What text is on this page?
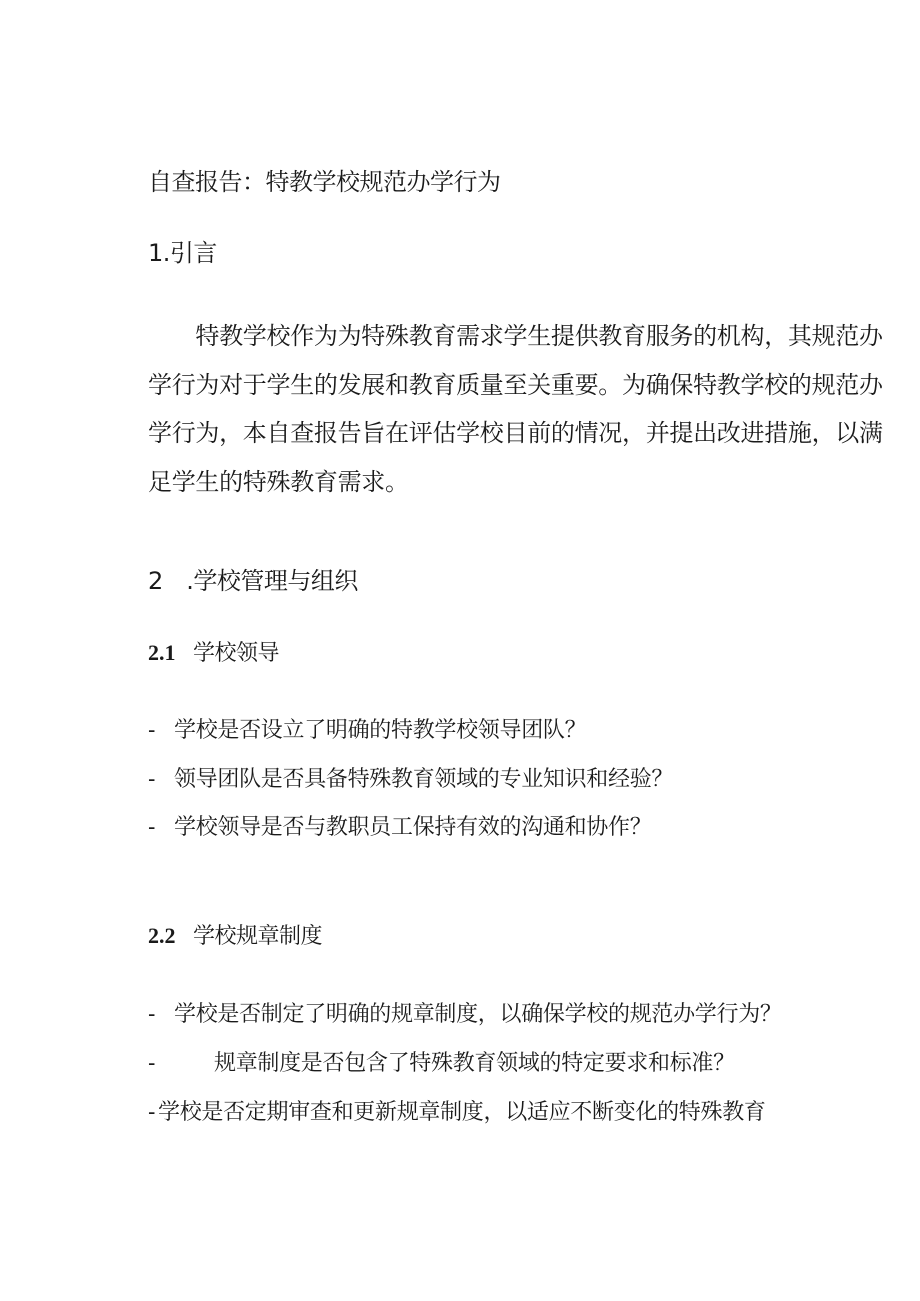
自查报告：特教学校规范办学行为
1.引言
　　特教学校作为为特殊教育需求学生提供教育服务的机构，其规范办
学行为对于学生的发展和教育质量至关重要。为确保特教学校的规范办
学行为，本自查报告旨在评估学校目前的情况，并提出改进措施，以满
足学生的特殊教育需求。
2　.学校管理与组织
2.1 学校领导

- 学校是否设立了明确的特教学校领导团队？

- 领导团队是否具备特殊教育领域的专业知识和经验？

- 学校领导是否与教职员工保持有效的沟通和协作？

2.2 学校规章制度

- 学校是否制定了明确的规章制度，以确保学校的规范办学行为？

-	规章制度是否包含了特殊教育领域的特定要求和标准？

- 学校是否定期审查和更新规章制度，以适应不断变化的特殊教育
